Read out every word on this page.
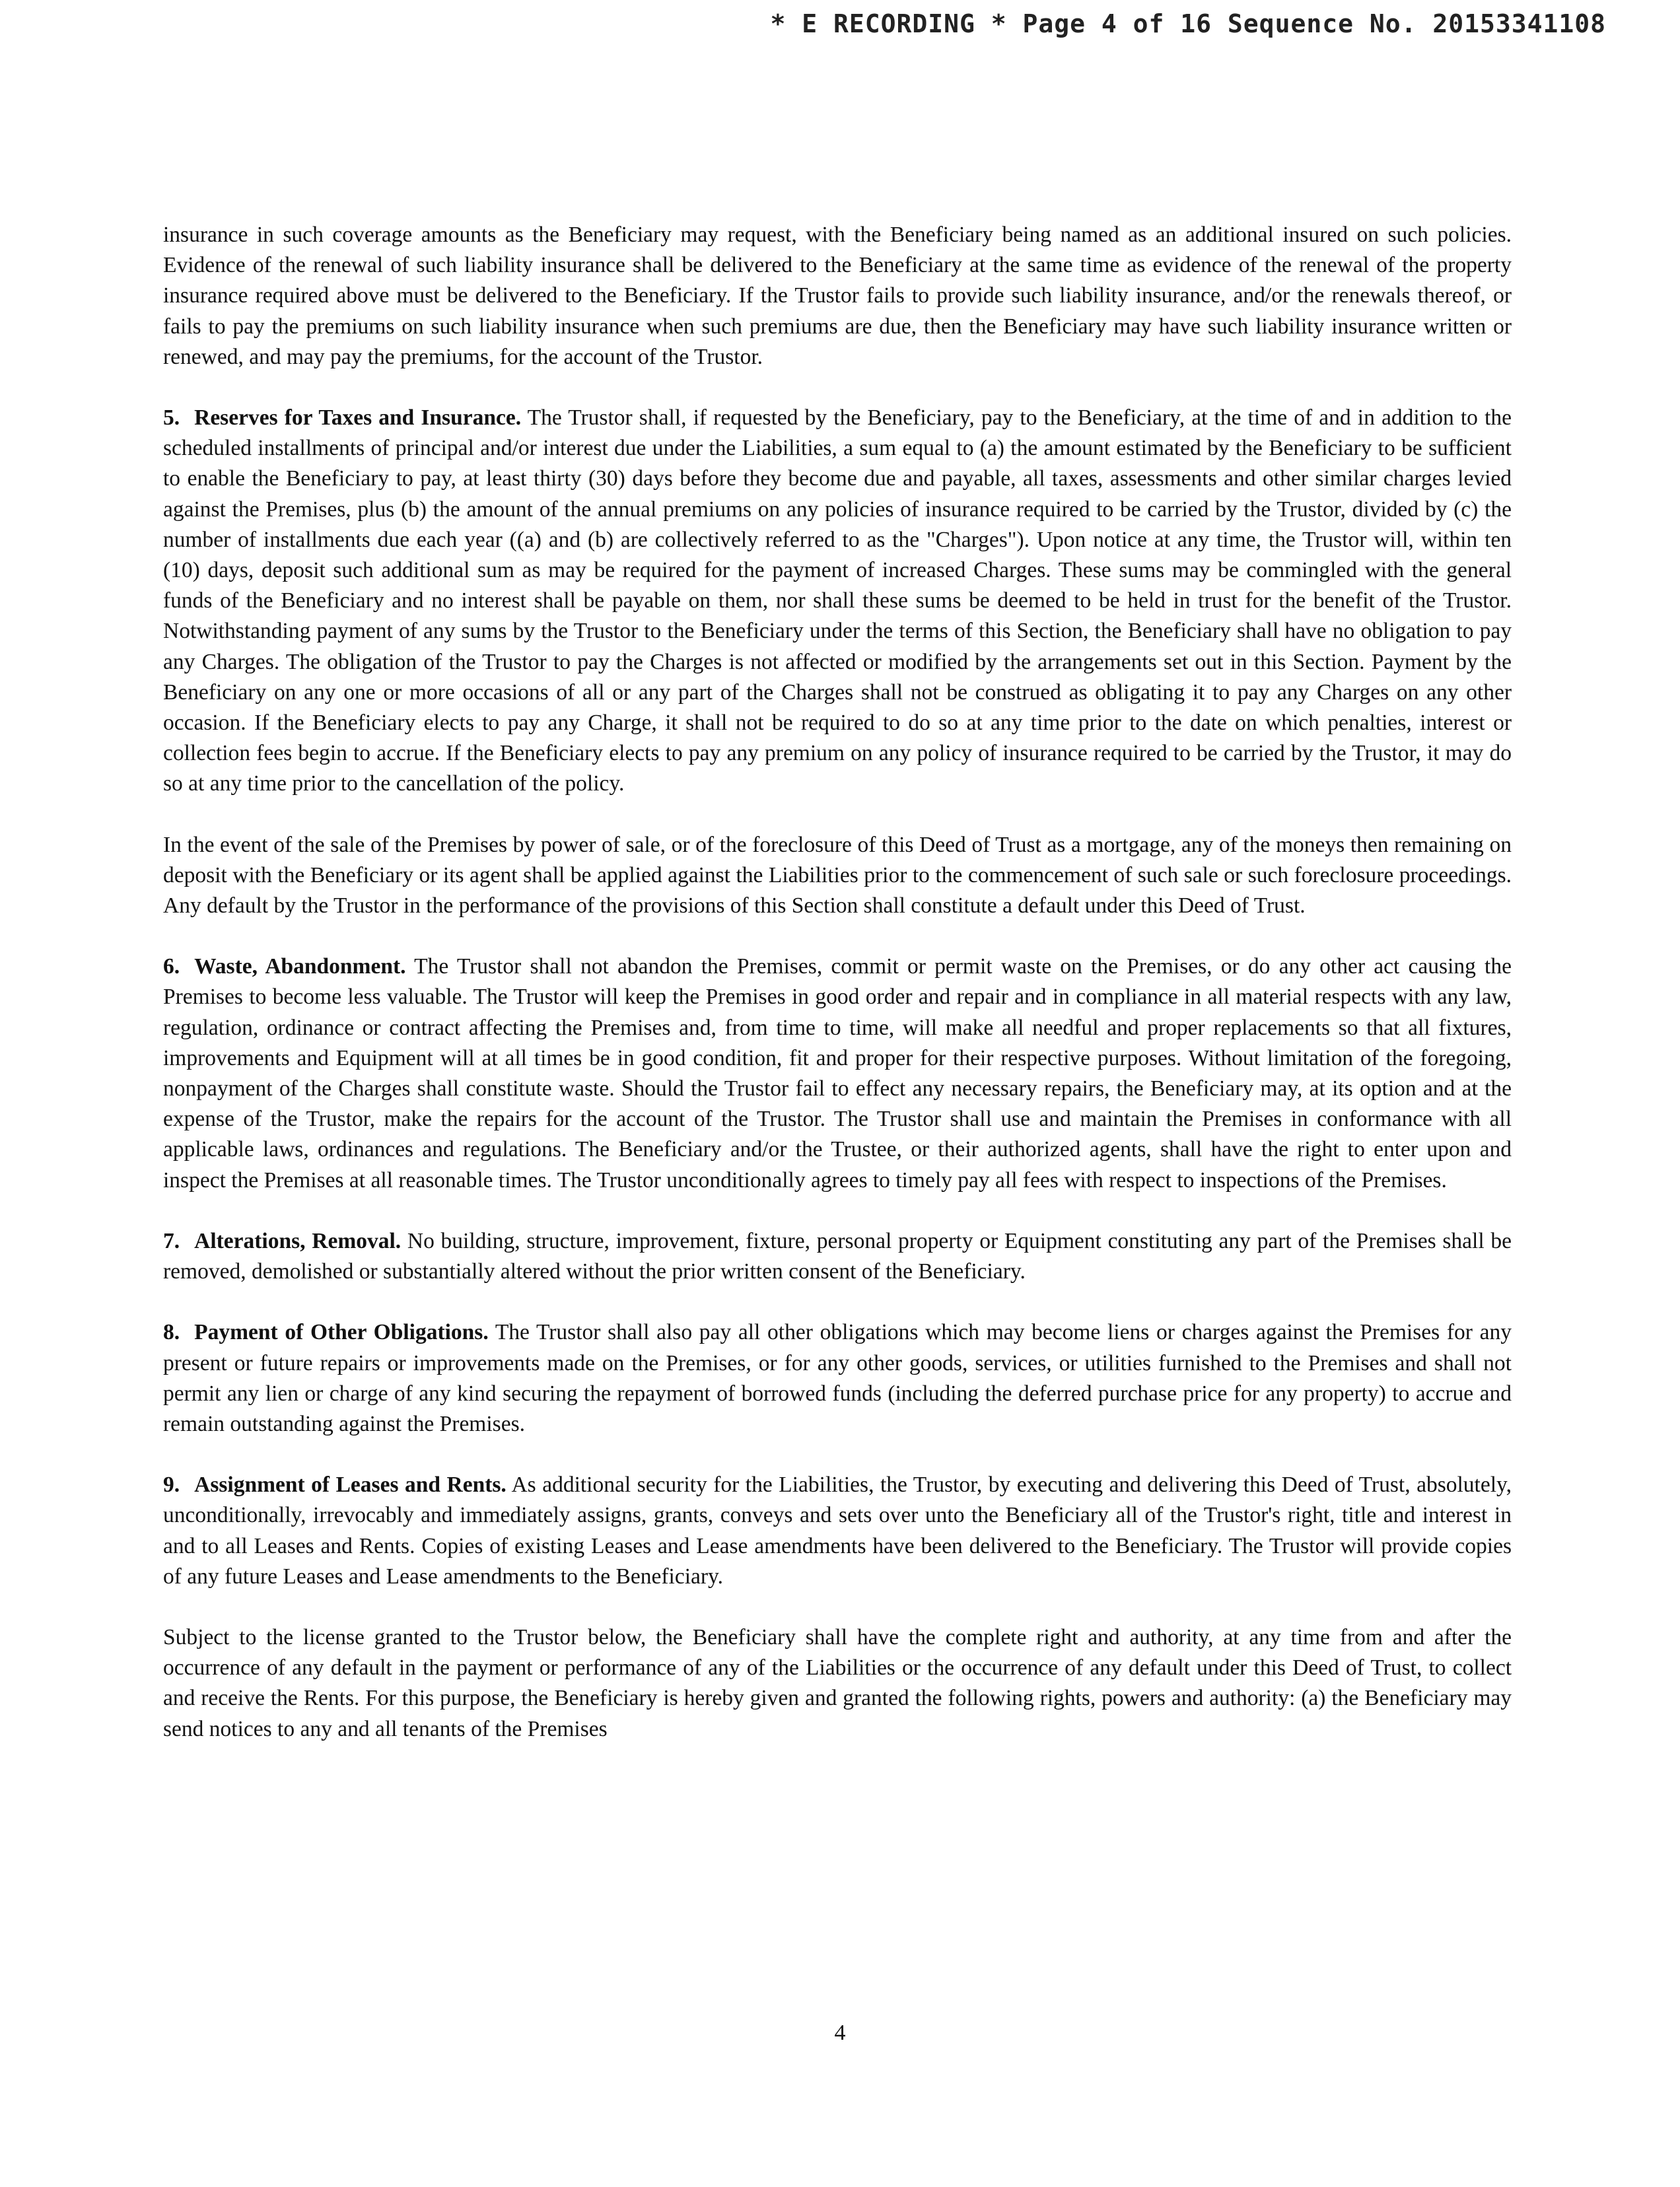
* E RECORDING * Page 4 of 16 Sequence No. 20153341108

insurance in such coverage amounts as the Beneficiary may request, with the Beneficiary being named as an additional insured on such policies. Evidence of the renewal of such liability insurance shall be delivered to the Beneficiary at the same time as evidence of the renewal of the property insurance required above must be delivered to the Beneficiary. If the Trustor fails to provide such liability insurance, and/or the renewals thereof, or fails to pay the premiums on such liability insurance when such premiums are due, then the Beneficiary may have such liability insurance written or renewed, and may pay the premiums, for the account of the Trustor.

5. Reserves for Taxes and Insurance. The Trustor shall, if requested by the Beneficiary, pay to the Beneficiary, at the time of and in addition to the scheduled installments of principal and/or interest due under the Liabilities, a sum equal to (a) the amount estimated by the Beneficiary to be sufficient to enable the Beneficiary to pay, at least thirty (30) days before they become due and payable, all taxes, assessments and other similar charges levied against the Premises, plus (b) the amount of the annual premiums on any policies of insurance required to be carried by the Trustor, divided by (c) the number of installments due each year ((a) and (b) are collectively referred to as the "Charges"). Upon notice at any time, the Trustor will, within ten (10) days, deposit such additional sum as may be required for the payment of increased Charges. These sums may be commingled with the general funds of the Beneficiary and no interest shall be payable on them, nor shall these sums be deemed to be held in trust for the benefit of the Trustor. Notwithstanding payment of any sums by the Trustor to the Beneficiary under the terms of this Section, the Beneficiary shall have no obligation to pay any Charges. The obligation of the Trustor to pay the Charges is not affected or modified by the arrangements set out in this Section. Payment by the Beneficiary on any one or more occasions of all or any part of the Charges shall not be construed as obligating it to pay any Charges on any other occasion. If the Beneficiary elects to pay any Charge, it shall not be required to do so at any time prior to the date on which penalties, interest or collection fees begin to accrue. If the Beneficiary elects to pay any premium on any policy of insurance required to be carried by the Trustor, it may do so at any time prior to the cancellation of the policy.

In the event of the sale of the Premises by power of sale, or of the foreclosure of this Deed of Trust as a mortgage, any of the moneys then remaining on deposit with the Beneficiary or its agent shall be applied against the Liabilities prior to the commencement of such sale or such foreclosure proceedings. Any default by the Trustor in the performance of the provisions of this Section shall constitute a default under this Deed of Trust.

6. Waste, Abandonment. The Trustor shall not abandon the Premises, commit or permit waste on the Premises, or do any other act causing the Premises to become less valuable. The Trustor will keep the Premises in good order and repair and in compliance in all material respects with any law, regulation, ordinance or contract affecting the Premises and, from time to time, will make all needful and proper replacements so that all fixtures, improvements and Equipment will at all times be in good condition, fit and proper for their respective purposes. Without limitation of the foregoing, nonpayment of the Charges shall constitute waste. Should the Trustor fail to effect any necessary repairs, the Beneficiary may, at its option and at the expense of the Trustor, make the repairs for the account of the Trustor. The Trustor shall use and maintain the Premises in conformance with all applicable laws, ordinances and regulations. The Beneficiary and/or the Trustee, or their authorized agents, shall have the right to enter upon and inspect the Premises at all reasonable times. The Trustor unconditionally agrees to timely pay all fees with respect to inspections of the Premises.

7. Alterations, Removal. No building, structure, improvement, fixture, personal property or Equipment constituting any part of the Premises shall be removed, demolished or substantially altered without the prior written consent of the Beneficiary.

8. Payment of Other Obligations. The Trustor shall also pay all other obligations which may become liens or charges against the Premises for any present or future repairs or improvements made on the Premises, or for any other goods, services, or utilities furnished to the Premises and shall not permit any lien or charge of any kind securing the repayment of borrowed funds (including the deferred purchase price for any property) to accrue and remain outstanding against the Premises.

9. Assignment of Leases and Rents. As additional security for the Liabilities, the Trustor, by executing and delivering this Deed of Trust, absolutely, unconditionally, irrevocably and immediately assigns, grants, conveys and sets over unto the Beneficiary all of the Trustor's right, title and interest in and to all Leases and Rents. Copies of existing Leases and Lease amendments have been delivered to the Beneficiary. The Trustor will provide copies of any future Leases and Lease amendments to the Beneficiary.

Subject to the license granted to the Trustor below, the Beneficiary shall have the complete right and authority, at any time from and after the occurrence of any default in the payment or performance of any of the Liabilities or the occurrence of any default under this Deed of Trust, to collect and receive the Rents. For this purpose, the Beneficiary is hereby given and granted the following rights, powers and authority: (a) the Beneficiary may send notices to any and all tenants of the Premises

4
